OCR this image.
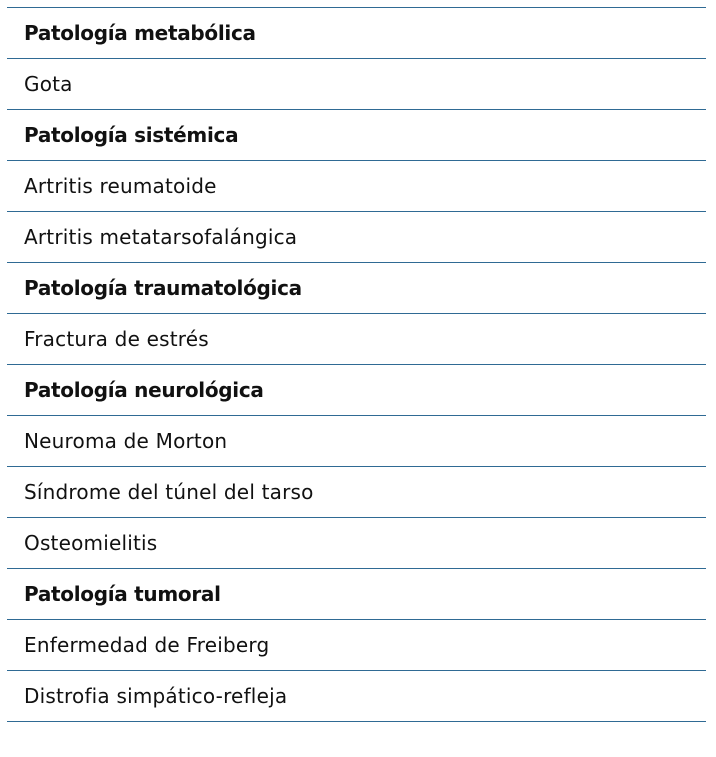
Patología metabólica
Gota
Patología sistémica
Artritis reumatoide
Artritis metatarsofalángica
Patología traumatológica
Fractura de estrés
Patología neurológica
Neuroma de Morton
Síndrome del túnel del tarso
Osteomielitis
Patología tumoral
Enfermedad de Freiberg
Distrofia simpático-refleja
